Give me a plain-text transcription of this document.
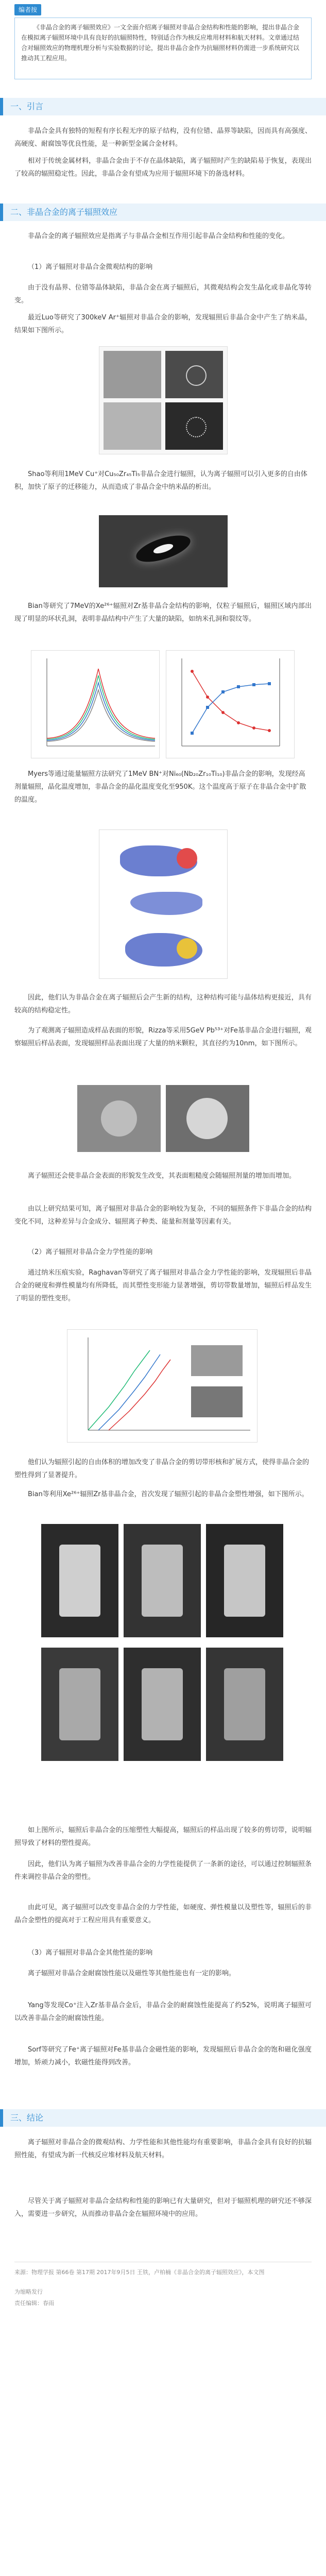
编者按
《非晶合金的离子辐照效应》一文全面介绍离子辐照对非晶合金结构和性能的影响，提出非晶合金在模拟离子辐照环境中具有良好的抗辐照特性，特别适合作为核反应堆用材料和航天材料。文章通过结合对辐照效应的物理机理分析与实验数据的讨论，提出非晶合金作为抗辐照材料仍需进一步系统研究以推动其工程应用。
一、引言
非晶合金具有独特的短程有序长程无序的原子结构，没有位错、晶界等缺陷，因而具有高强度、高硬度、耐腐蚀等优良性能，是一种新型金属合金材料。
相对于传统金属材料，非晶合金由于不存在晶体缺陷，离子辐照时产生的缺陷易于恢复，表现出了较高的辐照稳定性。因此，非晶合金有望成为应用于辐照环境下的备选材料。
二、非晶合金的离子辐照效应
非晶合金的离子辐照效应是指离子与非晶合金相互作用引起非晶合金结构和性能的变化。
（1）离子辐照对非晶合金微观结构的影响
由于没有晶界、位错等晶体缺陷，非晶合金在离子辐照后，其微观结构会发生晶化或非晶化等转变。
最近Luo等研究了300keV Ar⁺辐照对非晶合金的影响，发现辐照后非晶合金中产生了纳米晶，结果如下图所示。
Shao等利用1MeV Cu⁺对Cu₅₀Zr₄₅Ti₅非晶合金进行辐照，认为离子辐照可以引入更多的自由体积，加快了原子的迁移能力，从而造成了非晶合金中纳米晶的析出。
Bian等研究了7MeV的Xe²⁶⁺辐照对Zr基非晶合金结构的影响，仅粒子辐照后，辐照区域内部出现了明显的环状孔洞，表明非晶结构中产生了大量的缺陷，如纳米孔洞和裂纹等。
Myers等通过能量辐照方法研究了1MeV BN⁺对Ni₆₀(Nb₂₀Zr₁₀Ti₁₀)非晶合金的影响，发现经高剂量辐照，晶化温度增加，非晶合金的晶化温度变化至950K。这个温度高于原子在非晶合金中扩散的温度。
因此，他们认为非晶合金在离子辐照后会产生新的结构，这种结构可能与晶体结构更接近，具有较高的结构稳定性。
为了观测离子辐照造成样品表面的形貌，Rizza等采用5GeV Pb⁵³⁺对Fe基非晶合金进行辐照，观察辐照后样品表面，发现辐照样品表面出现了大量的纳米颗粒，其直径约为10nm，如下图所示。
离子辐照还会使非晶合金表面的形貌发生改变，其表面粗糙度会随辐照剂量的增加而增加。
由以上研究结果可知，离子辐照对非晶合金的影响较为复杂，不同的辐照条件下非晶合金的结构变化不同，这种差异与合金成分、辐照离子种类、能量和剂量等因素有关。
（2）离子辐照对非晶合金力学性能的影响
通过纳米压痕实验，Raghavan等研究了离子辐照对非晶合金力学性能的影响，发现辐照后非晶合金的硬度和弹性模量均有所降低，而其塑性变形能力显著增强，剪切带数量增加，辐照后样品发生了明显的塑性变形。
他们认为辐照引起的自由体积的增加改变了非晶合金的剪切带形核和扩展方式，使得非晶合金的塑性得到了显著提升。
Bian等利用Xe²⁶⁺辐照Zr基非晶合金，首次发现了辐照引起的非晶合金塑性增强，如下图所示。
如上图所示，辐照后非晶合金的压缩塑性大幅提高，辐照后的样品出现了较多的剪切带，说明辐照导致了材料的塑性提高。
因此，他们认为离子辐照为改善非晶合金的力学性能提供了一条新的途径，可以通过控制辐照条件来调控非晶合金的塑性。
由此可见，离子辐照可以改变非晶合金的力学性能，如硬度、弹性模量以及塑性等，辐照后的非晶合金塑性的提高对于工程应用具有重要意义。
（3）离子辐照对非晶合金其他性能的影响
离子辐照对非晶合金耐腐蚀性能以及磁性等其他性能也有一定的影响。
Yang等发现Co⁺注入Zr基非晶合金后，非晶合金的耐腐蚀性能提高了约52%，说明离子辐照可以改善非晶合金的耐腐蚀性能。
Sorf等研究了Fe⁺离子辐照对Fe基非晶合金磁性能的影响，发现辐照后非晶合金的饱和磁化强度增加，矫顽力减小，软磁性能得到改善。
三、结论
离子辐照对非晶合金的微观结构、力学性能和其他性能均有重要影响，非晶合金具有良好的抗辐照性能，有望成为新一代核反应堆材料及航天材料。
尽管关于离子辐照对非晶合金结构和性能的影响已有大量研究，但对于辐照机理的研究还不够深入，需要进一步研究，从而推动非晶合金在辐照环境中的应用。
来源：物理学报 第66卷 第17期 2017年9月5日 王铁，卢柏楠《非晶合金的离子辐照效应》，本文图
为缩略发行
责任编辑：春雨
